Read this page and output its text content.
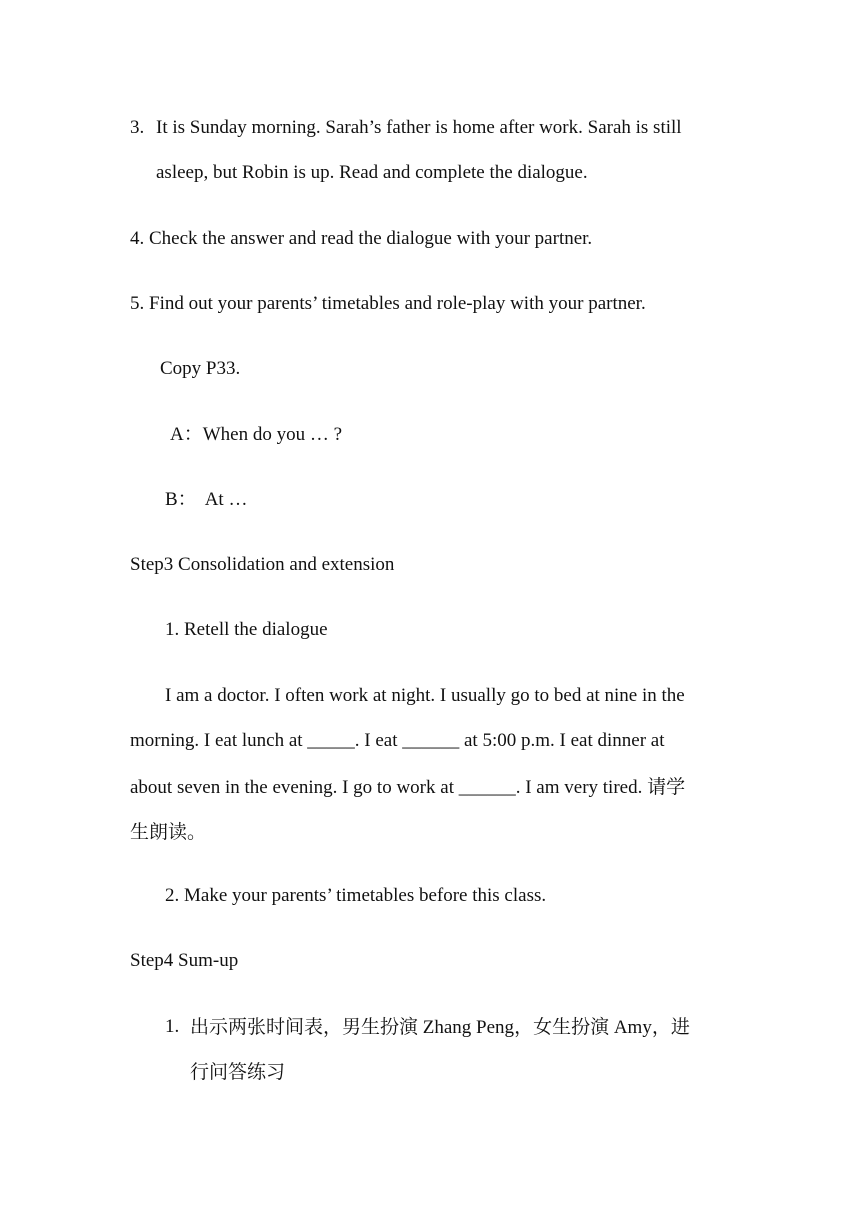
3. It is Sunday morning. Sarah’s father is home after work. Sarah is still
asleep, but Robin is up. Read and complete the dialogue.
4. Check the answer and read the dialogue with your partner.
5. Find out your parents’ timetables and role-play with your partner.
Copy P33.
A：When do you … ?
B： At …
Step3 Consolidation and extension
1. Retell the dialogue
I am a doctor. I often work at night. I usually go to bed at nine in the
morning. I eat lunch at _____. I eat ______ at 5:00 p.m. I eat dinner at
about seven in the evening. I go to work at ______. I am very tired. 请学
生朗读。
2. Make your parents’ timetables before this class.
Step4 Sum-up
1. 出示两张时间表，男生扮演 Zhang Peng，女生扮演 Amy，进
行问答练习
